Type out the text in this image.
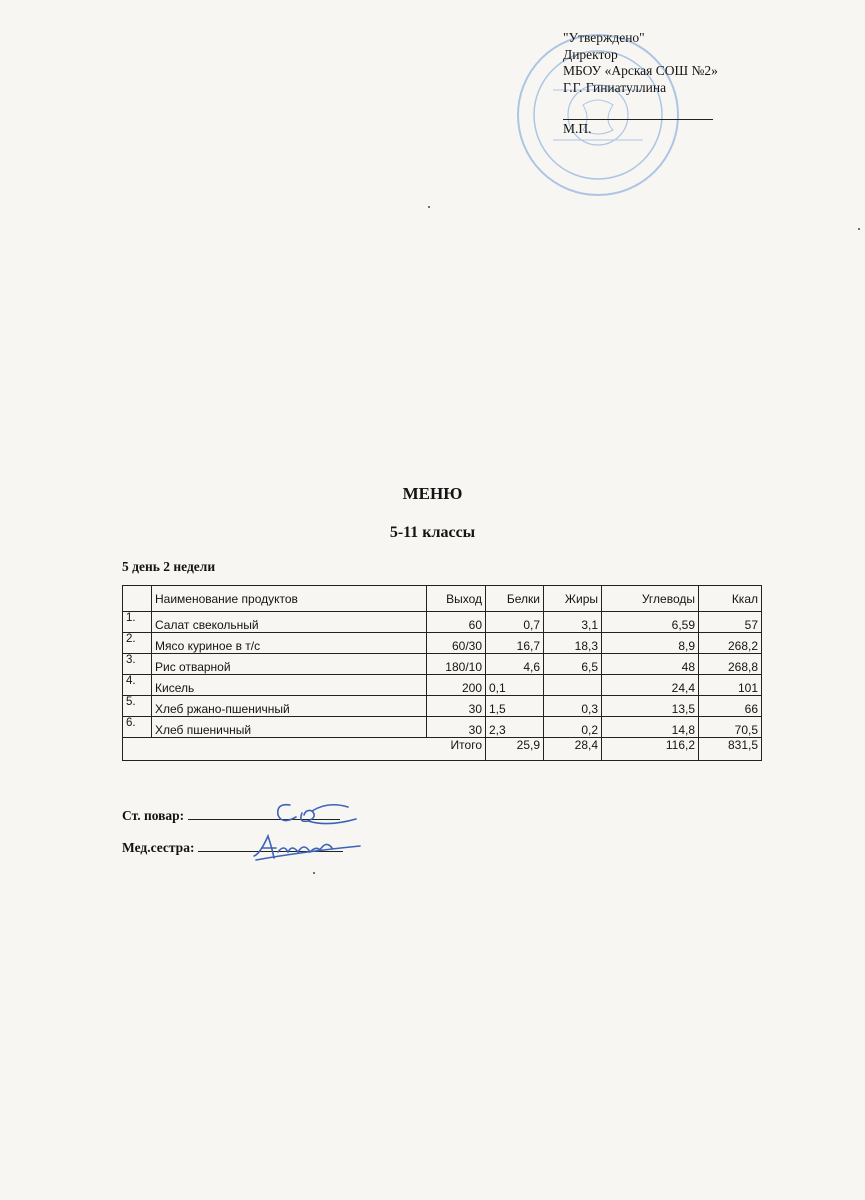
"Утверждено"
Директор
МБОУ «Арская СОШ №2»
Г.Г. Гиниатуллина
М.П.
МЕНЮ
5-11 классы
5 день 2 недели
	Наименование продуктов	Выход	Белки	Жиры	Углеводы	Ккал
1.	Салат свекольный	60	0,7	3,1	6,59	57
2.	Мясо куриное в т/с	60/30	16,7	18,3	8,9	268,2
3.	Рис отварной	180/10	4,6	6,5	48	268,8
4.	Кисель	200	0,1		24,4	101
5.	Хлеб ржано-пшеничный	30	1,5	0,3	13,5	66
6.	Хлеб пшеничный	30	2,3	0,2	14,8	70,5
Итого			25,9	28,4	116,2	831,5
Ст. повар:
Мед.сестра:
